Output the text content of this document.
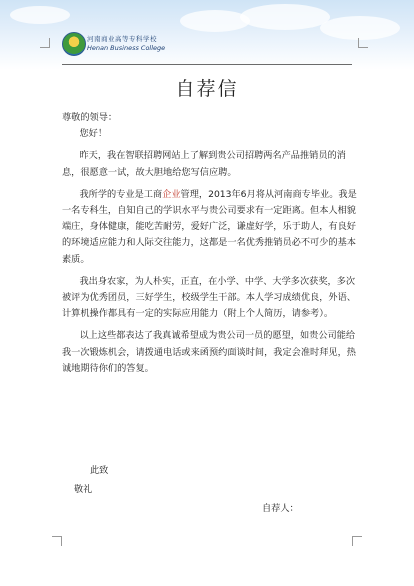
河南商业高等专科学校
Henan Business College
自荐信

尊敬的领导：

您好！

昨天，我在智联招聘网站上了解到贵公司招聘两名产品推销员的消息，很愿意一试，故大胆地给您写信应聘。

我所学的专业是工商企业管理，2013年6月将从河南商专毕业。我是一名专科生，自知自己的学识水平与贵公司要求有一定距离。但本人相貌端庄，身体健康，能吃苦耐劳，爱好广泛，谦虚好学，乐于助人，有良好的环境适应能力和人际交往能力，这都是一名优秀推销员必不可少的基本素质。

我出身农家，为人朴实，正直，在小学、中学、大学多次获奖，多次被评为优秀团员，三好学生，校级学生干部。本人学习成绩优良，外语、计算机操作都具有一定的实际应用能力（附上个人简历，请参考）。

以上这些都表达了我真诚希望成为贵公司一员的愿望，如贵公司能给我一次锻炼机会，请拨通电话或来函预约面谈时间，我定会准时拜见，热诚地期待你们的答复。

此致
敬礼
自荐人：
